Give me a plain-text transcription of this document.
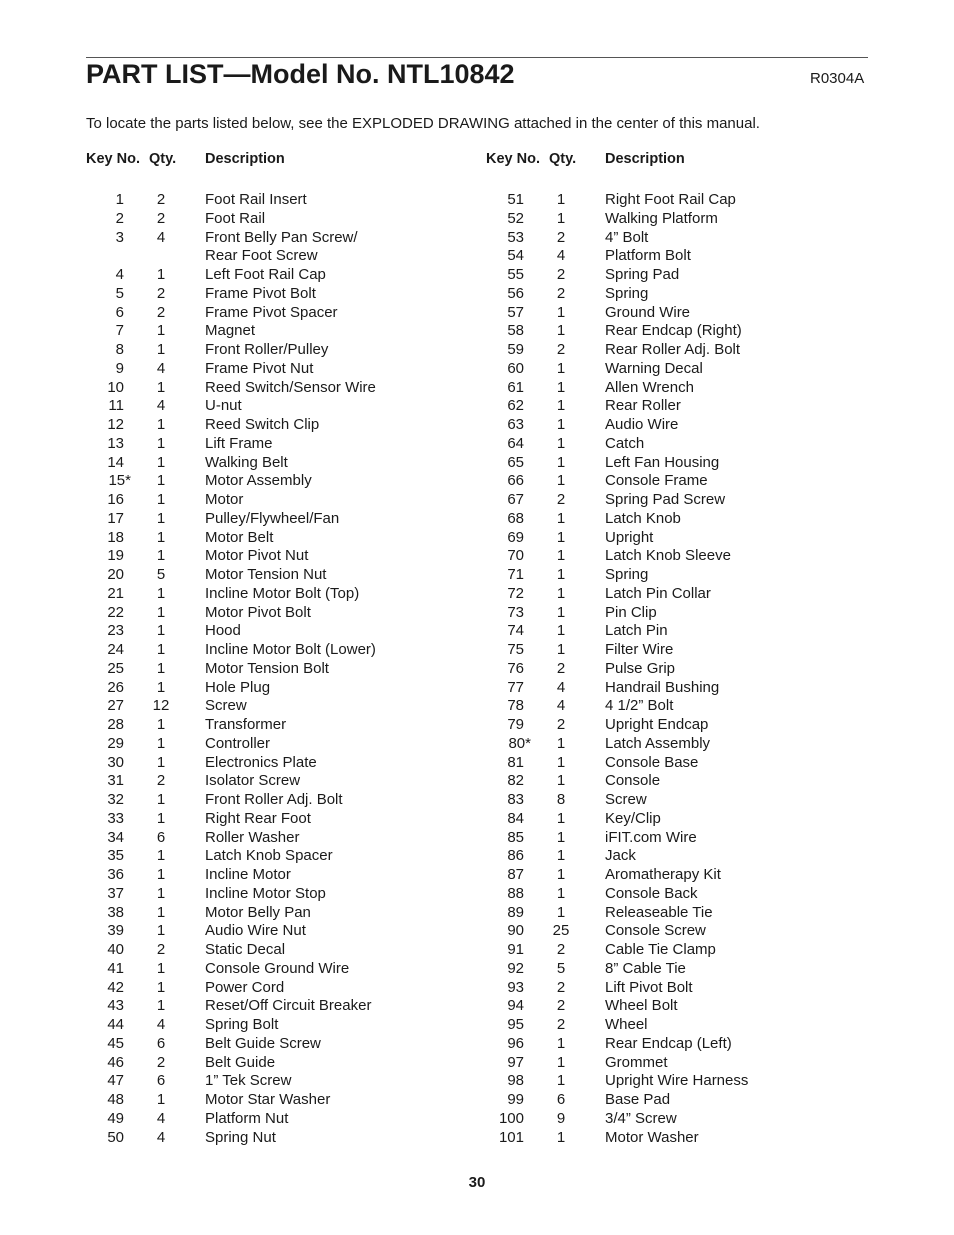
PART LIST—Model No. NTL10842	R0304A
To locate the parts listed below, see the EXPLODED DRAWING attached in the center of this manual.
Key No. Qty. Description
1	2	Foot Rail Insert
2	2	Foot Rail
3	4	Front Belly Pan Screw/
Rear Foot Screw
4	1	Left Foot Rail Cap
5	2	Frame Pivot Bolt
6	2	Frame Pivot Spacer
7	1	Magnet
8	1	Front Roller/Pulley
9	4	Frame Pivot Nut
10	1	Reed Switch/Sensor Wire
11	4	U-nut
12	1	Reed Switch Clip
13	1	Lift Frame
14	1	Walking Belt
15*	1	Motor Assembly
16	1	Motor
17	1	Pulley/Flywheel/Fan
18	1	Motor Belt
19	1	Motor Pivot Nut
20	5	Motor Tension Nut
21	1	Incline Motor Bolt (Top)
22	1	Motor Pivot Bolt
23	1	Hood
24	1	Incline Motor Bolt (Lower)
25	1	Motor Tension Bolt
26	1	Hole Plug
27	12	Screw
28	1	Transformer
29	1	Controller
30	1	Electronics Plate
31	2	Isolator Screw
32	1	Front Roller Adj. Bolt
33	1	Right Rear Foot
34	6	Roller Washer
35	1	Latch Knob Spacer
36	1	Incline Motor
37	1	Incline Motor Stop
38	1	Motor Belly Pan
39	1	Audio Wire Nut
40	2	Static Decal
41	1	Console Ground Wire
42	1	Power Cord
43	1	Reset/Off Circuit Breaker
44	4	Spring Bolt
45	6	Belt Guide Screw
46	2	Belt Guide
47	6	1” Tek Screw
48	1	Motor Star Washer
49	4	Platform Nut
50	4	Spring Nut
Key No. Qty. Description
51	1	Right Foot Rail Cap
52	1	Walking Platform
53	2	4” Bolt
54	4	Platform Bolt
55	2	Spring Pad
56	2	Spring
57	1	Ground Wire
58	1	Rear Endcap (Right)
59	2	Rear Roller Adj. Bolt
60	1	Warning Decal
61	1	Allen Wrench
62	1	Rear Roller
63	1	Audio Wire
64	1	Catch
65	1	Left Fan Housing
66	1	Console Frame
67	2	Spring Pad Screw
68	1	Latch Knob
69	1	Upright
70	1	Latch Knob Sleeve
71	1	Spring
72	1	Latch Pin Collar
73	1	Pin Clip
74	1	Latch Pin
75	1	Filter Wire
76	2	Pulse Grip
77	4	Handrail Bushing
78	4	4 1/2” Bolt
79	2	Upright Endcap
80*	1	Latch Assembly
81	1	Console Base
82	1	Console
83	8	Screw
84	1	Key/Clip
85	1	iFIT.com Wire
86	1	Jack
87	1	Aromatherapy Kit
88	1	Console Back
89	1	Releaseable Tie
90	25	Console Screw
91	2	Cable Tie Clamp
92	5	8” Cable Tie
93	2	Lift Pivot Bolt
94	2	Wheel Bolt
95	2	Wheel
96	1	Rear Endcap (Left)
97	1	Grommet
98	1	Upright Wire Harness
99	6	Base Pad
100	9	3/4” Screw
101	1	Motor Washer
30
